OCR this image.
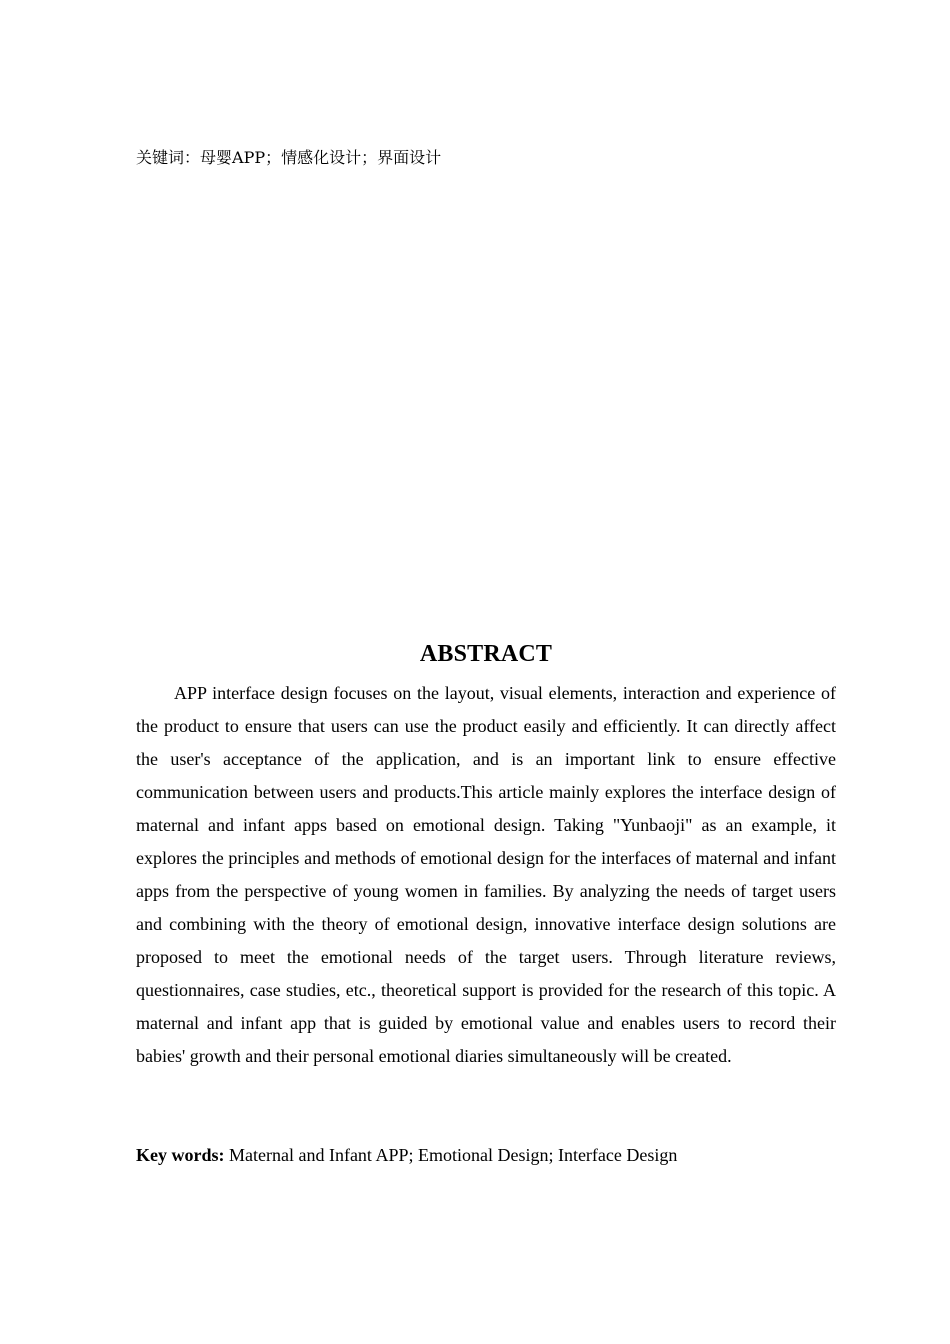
关键词：母婴APP；情感化设计；界面设计
ABSTRACT

APP interface design focuses on the layout, visual elements, interaction and experience of the product to ensure that users can use the product easily and efficiently. It can directly affect the user's acceptance of the application, and is an important link to ensure effective communication between users and products.This article mainly explores the interface design of maternal and infant apps based on emotional design. Taking "Yunbaoji" as an example, it explores the principles and methods of emotional design for the interfaces of maternal and infant apps from the perspective of young women in families. By analyzing the needs of target users and combining with the theory of emotional design, innovative interface design solutions are proposed to meet the emotional needs of the target users. Through literature reviews, questionnaires, case studies, etc., theoretical support is provided for the research of this topic. A maternal and infant app that is guided by emotional value and enables users to record their babies' growth and their personal emotional diaries simultaneously will be created.

Key words: Maternal and Infant APP; Emotional Design; Interface Design
